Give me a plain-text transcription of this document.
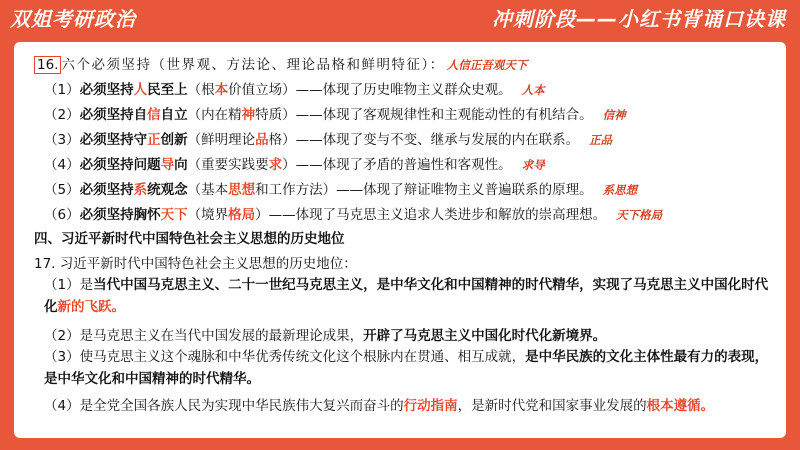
双姐考研政治	冲刺阶段——小红书背诵口诀课
16. 六个必须坚持（世界观、方法论、理论品格和鲜明特征）： 人信正吾观天下
（1）必须坚持人民至上（根本价值立场）——体现了历史唯物主义群众史观。 人本
（2）必须坚持自信自立（内在精神特质）——体现了客观规律性和主观能动性的有机结合。 信神
（3）必须坚持守正创新（鲜明理论品格）——体现了变与不变、继承与发展的内在联系。 正品
（4）必须坚持问题导向（重要实践要求）——体现了矛盾的普遍性和客观性。 求导
（5）必须坚持系统观念（基本思想和工作方法）——体现了辩证唯物主义普遍联系的原理。 系思想
（6）必须坚持胸怀天下（境界格局）——体现了马克思主义追求人类进步和解放的崇高理想。 天下格局
四、习近平新时代中国特色社会主义思想的历史地位
17. 习近平新时代中国特色社会主义思想的历史地位：
（1）是当代中国马克思主义、二十一世纪马克思主义，是中华文化和中国精神的时代精华，实现了马克思主义中国化时代化新的飞跃。
（2）是马克思主义在当代中国发展的最新理论成果，开辟了马克思主义中国化时代化新境界。
（3）使马克思主义这个魂脉和中华优秀传统文化这个根脉内在贯通、相互成就，是中华民族的文化主体性最有力的表现，是中华文化和中国精神的时代精华。
（4）是全党全国各族人民为实现中华民族伟大复兴而奋斗的行动指南，是新时代党和国家事业发展的根本遵循。
